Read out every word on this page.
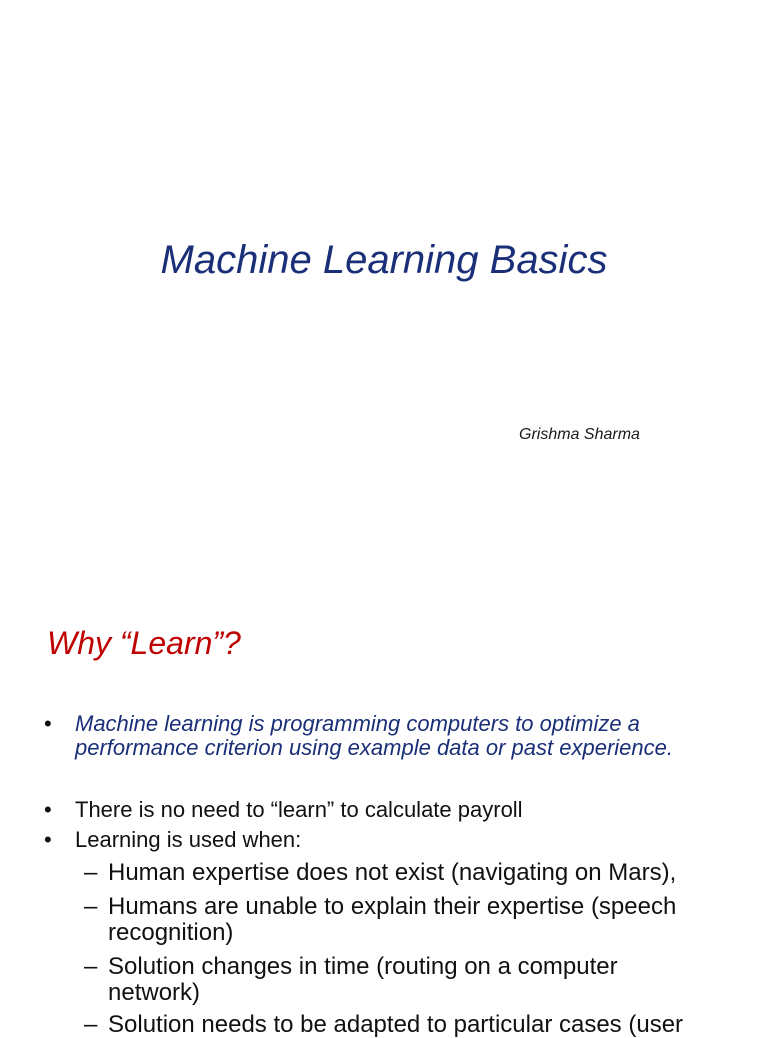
Machine Learning Basics
Grishma Sharma
Why “Learn”?
•	Machine learning is programming computers to optimize a
performance criterion using example data or past experience.
•	There is no need to “learn” to calculate payroll
•	Learning is used when:
– Human expertise does not exist (navigating on Mars),
– Humans are unable to explain their expertise (speech
recognition)
– Solution changes in time (routing on a computer
network)
– Solution needs to be adapted to particular cases (user
